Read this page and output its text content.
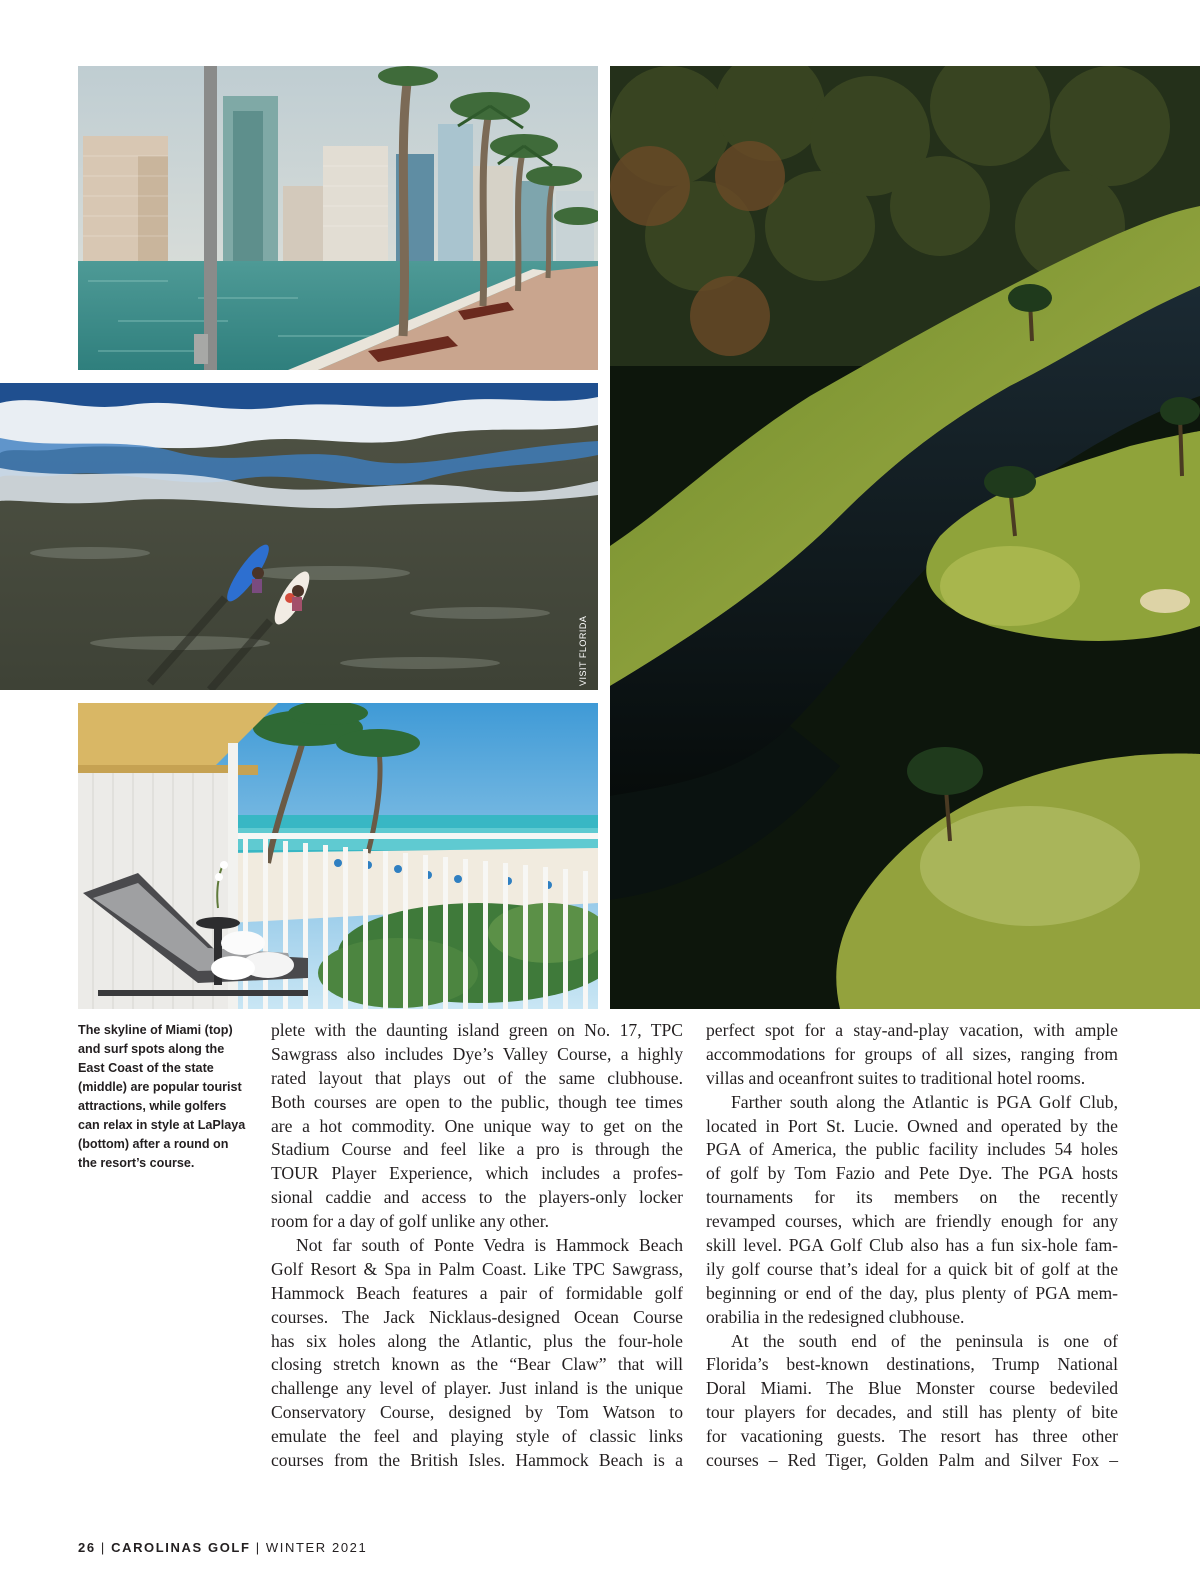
VISIT FLORIDA
The skyline of Miami (top)
and surf spots along the
East Coast of the state
(middle) are popular tourist
attractions, while golfers
can relax in style at LaPlaya
(bottom) after a round on
the resort’s course.
plete with the daunting island green on No. 17, TPC
Sawgrass also includes Dye’s Valley Course, a highly
rated layout that plays out of the same clubhouse.
Both courses are open to the public, though tee times
are a hot commodity. One unique way to get on the
Stadium Course and feel like a pro is through the
TOUR Player Experience, which includes a profes-
sional caddie and access to the players-only locker
room for a day of golf unlike any other.
Not far south of Ponte Vedra is Hammock Beach
Golf Resort & Spa in Palm Coast. Like TPC Sawgrass,
Hammock Beach features a pair of formidable golf
courses. The Jack Nicklaus-designed Ocean Course
has six holes along the Atlantic, plus the four-hole
closing stretch known as the “Bear Claw” that will
challenge any level of player. Just inland is the unique
Conservatory Course, designed by Tom Watson to
emulate the feel and playing style of classic links
courses from the British Isles. Hammock Beach is a
perfect spot for a stay-and-play vacation, with ample
accommodations for groups of all sizes, ranging from
villas and oceanfront suites to traditional hotel rooms.
Farther south along the Atlantic is PGA Golf Club,
located in Port St. Lucie. Owned and operated by the
PGA of America, the public facility includes 54 holes
of golf by Tom Fazio and Pete Dye. The PGA hosts
tournaments for its members on the recently
revamped courses, which are friendly enough for any
skill level. PGA Golf Club also has a fun six-hole fam-
ily golf course that’s ideal for a quick bit of golf at the
beginning or end of the day, plus plenty of PGA mem-
orabilia in the redesigned clubhouse.
At the south end of the peninsula is one of
Florida’s best-known destinations, Trump National
Doral Miami. The Blue Monster course bedeviled
tour players for decades, and still has plenty of bite
for vacationing guests. The resort has three other
courses – Red Tiger, Golden Palm and Silver Fox –
26 | CAROLINAS GOLF | WINTER 2021
